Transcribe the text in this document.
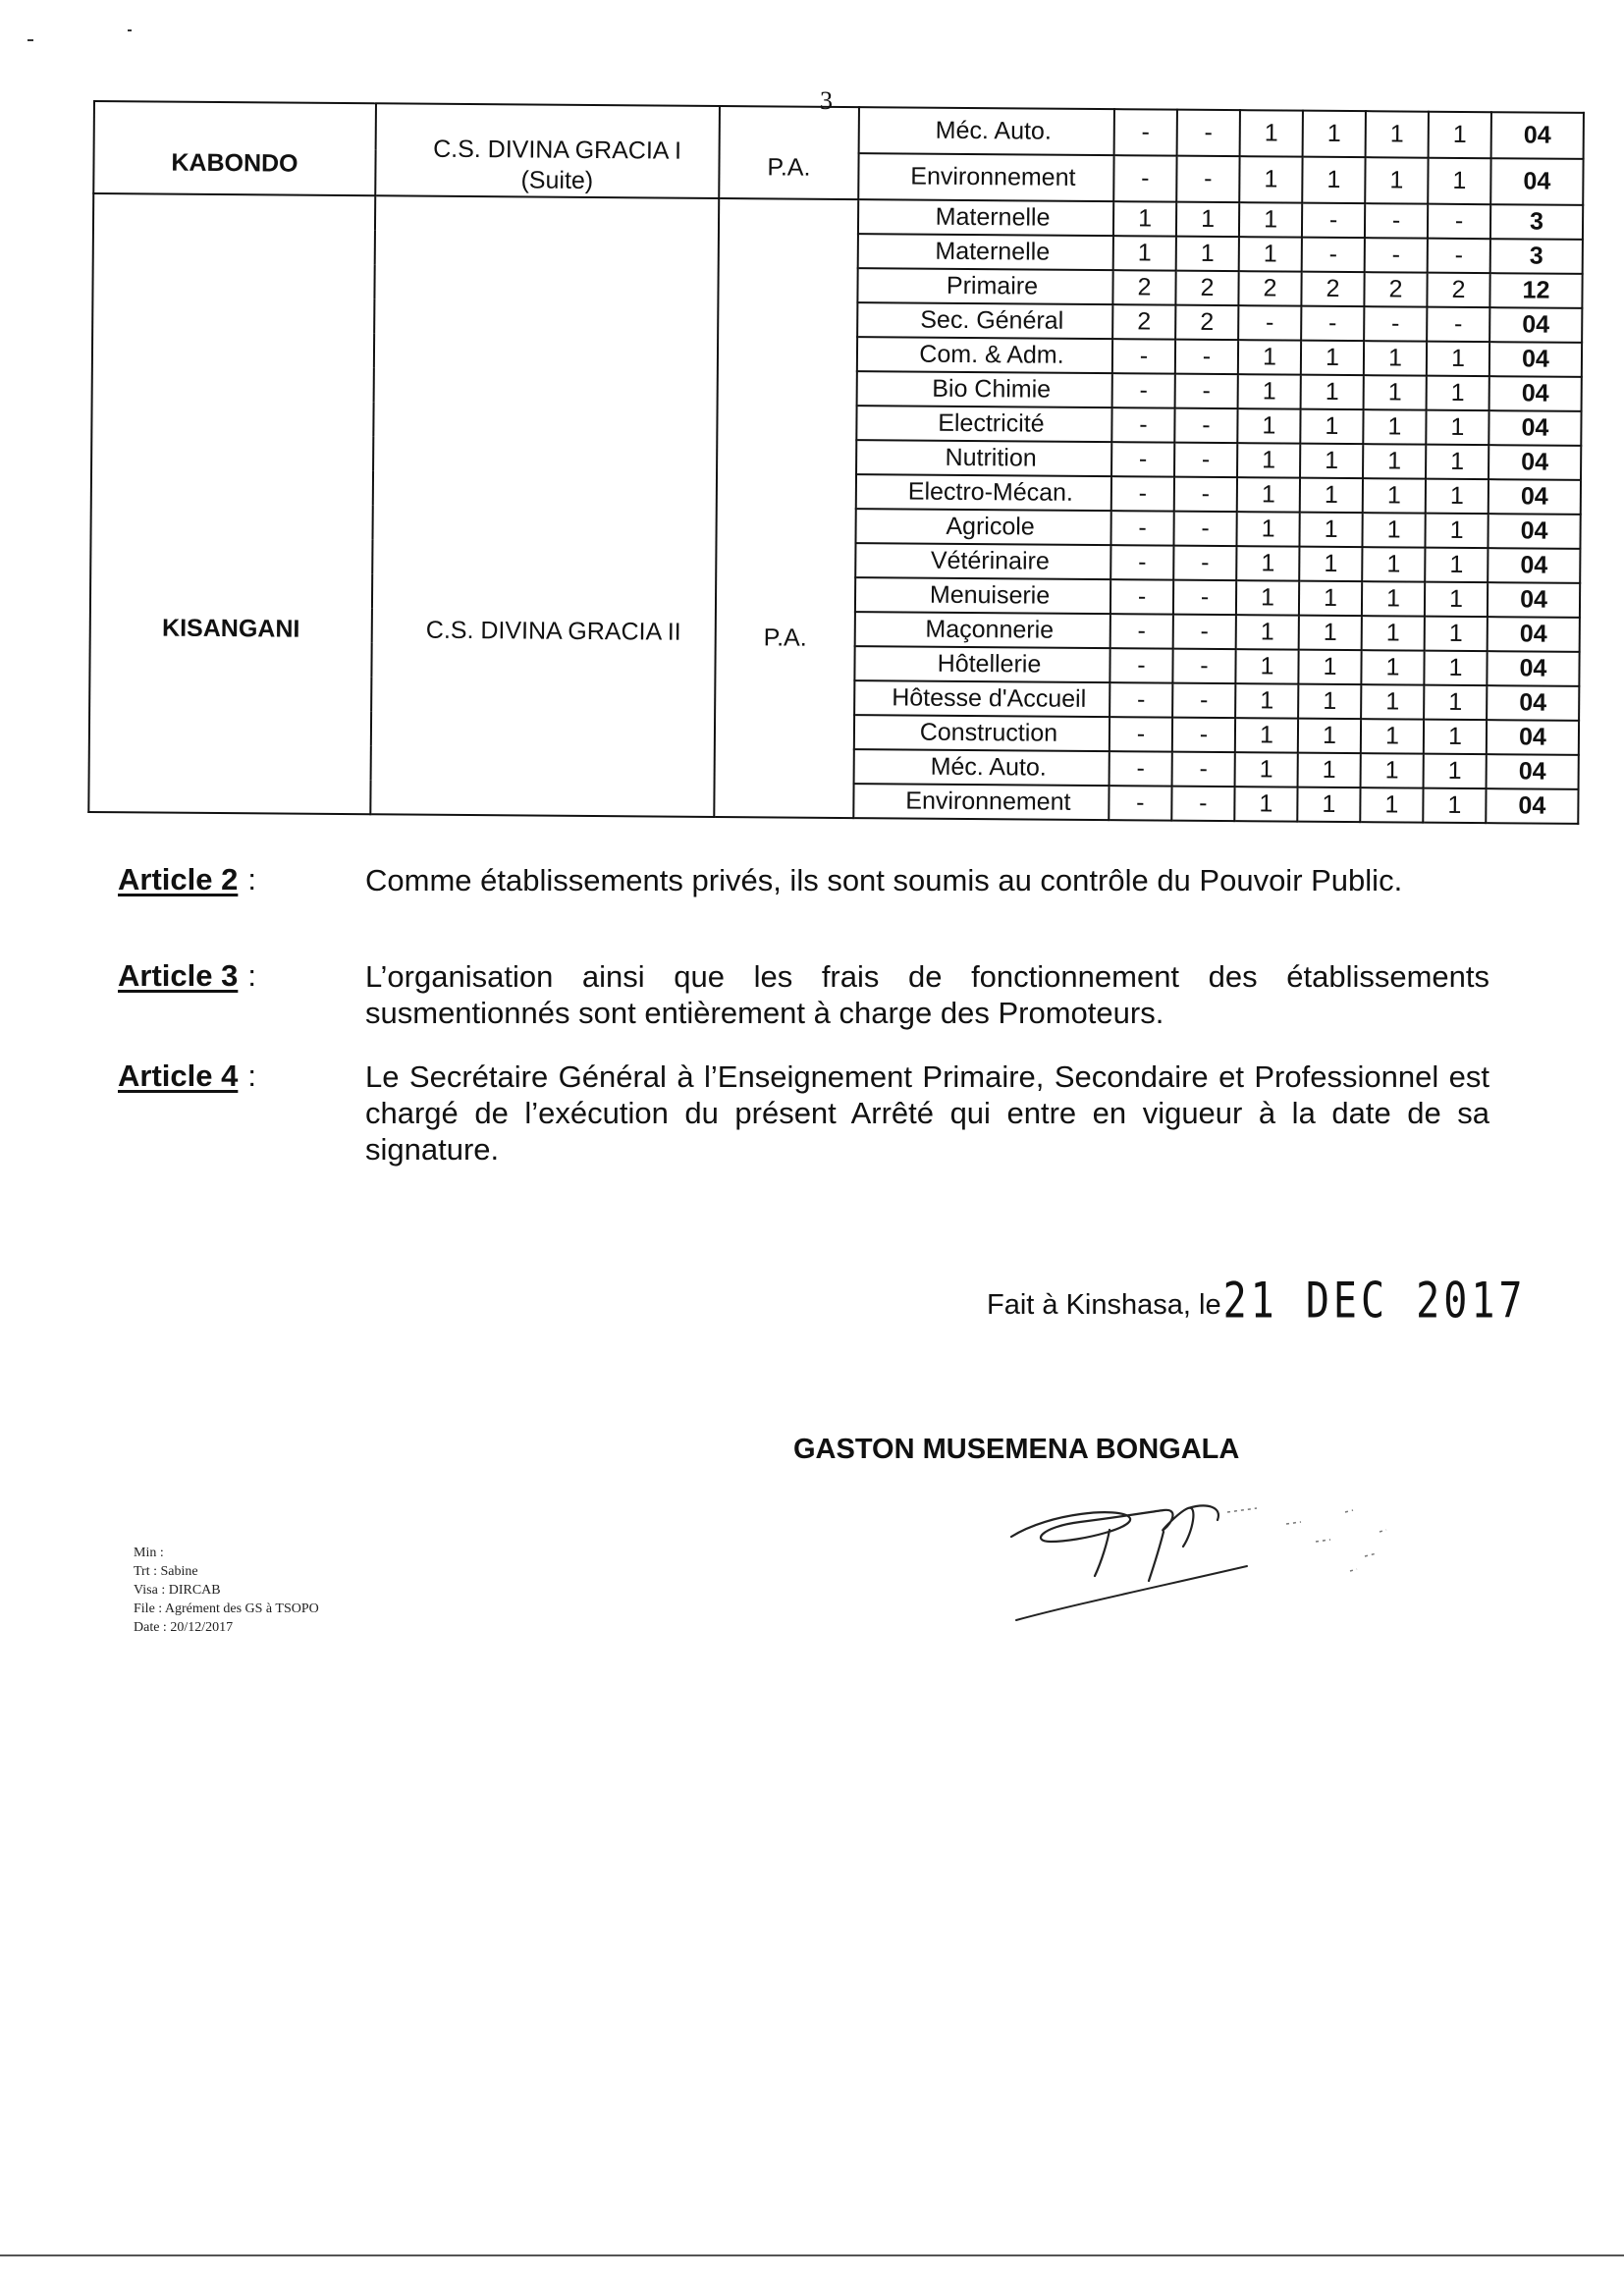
3
KABONDO	C.S. DIVINA GRACIA I (Suite)	P.A.	Méc. Auto.	-	-	1	1	1	1	04
			Environnement	-	-	1	1	1	1	04
KISANGANI	C.S. DIVINA GRACIA II	P.A.	Maternelle	1	1	1	-	-	-	3
			Maternelle	1	1	1	-	-	-	3
			Primaire	2	2	2	2	2	2	12
			Sec. Général	2	2	-	-	-	-	04
			Com. & Adm.	-	-	1	1	1	1	04
			Bio Chimie	-	-	1	1	1	1	04
			Electricité	-	-	1	1	1	1	04
			Nutrition	-	-	1	1	1	1	04
			Electro-Mécan.	-	-	1	1	1	1	04
			Agricole	-	-	1	1	1	1	04
			Vétérinaire	-	-	1	1	1	1	04
			Menuiserie	-	-	1	1	1	1	04
			Maçonnerie	-	-	1	1	1	1	04
			Hôtellerie	-	-	1	1	1	1	04
			Hôtesse d'Accueil	-	-	1	1	1	1	04
			Construction	-	-	1	1	1	1	04
			Méc. Auto.	-	-	1	1	1	1	04
			Environnement	-	-	1	1	1	1	04
Article 2 :	Comme établissements privés, ils sont soumis au contrôle du Pouvoir Public.
Article 3 :	L’organisation ainsi que les frais de fonctionnement des établissements susmentionnés sont entièrement à charge des Promoteurs.
Article 4 :	Le Secrétaire Général à l’Enseignement Primaire, Secondaire et Professionnel est chargé de l’exécution du présent Arrêté qui entre en vigueur à la date de sa signature.
Fait à Kinshasa, le21 DEC 2017
GASTON MUSEMENA BONGALA
Min :
Trt : Sabine
Visa : DIRCAB
File : Agrément des GS à TSOPO
Date : 20/12/2017
